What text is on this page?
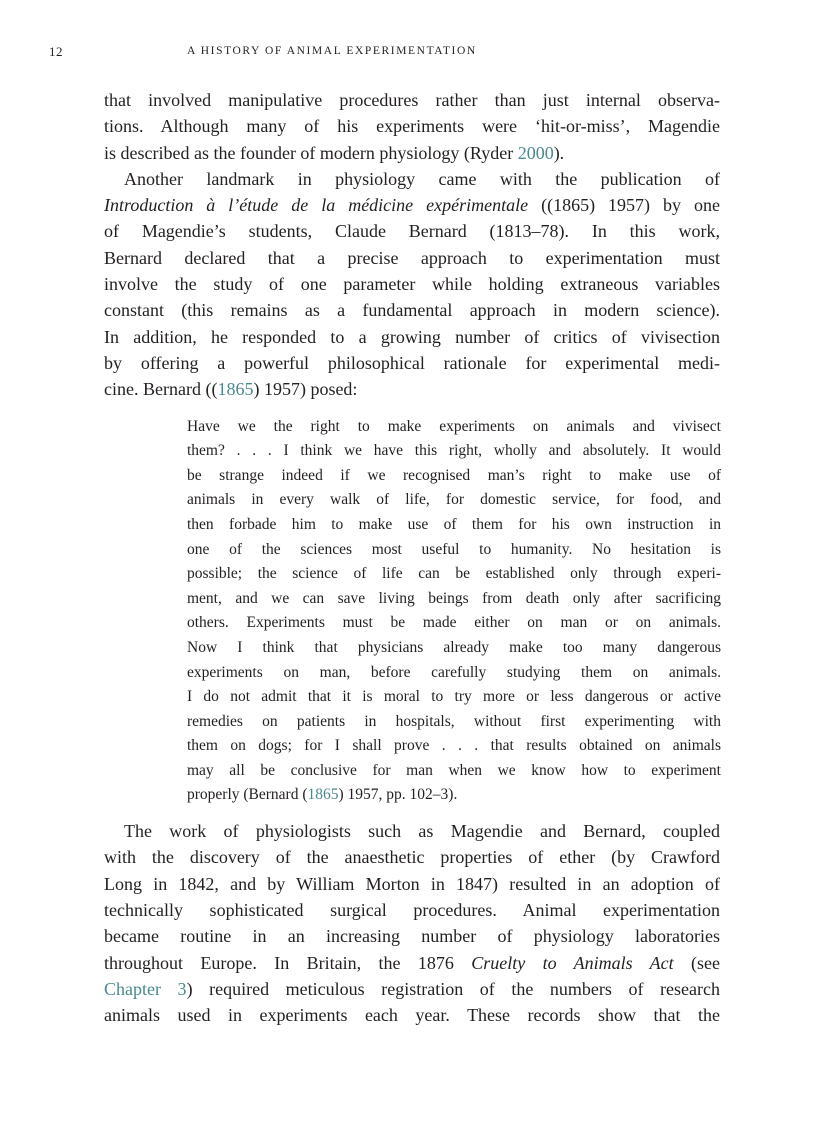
12	A HISTORY OF ANIMAL EXPERIMENTATION

that involved manipulative procedures rather than just internal observa-
tions. Although many of his experiments were ‘hit-or-miss’, Magendie
is described as the founder of modern physiology (Ryder 2000).

Another landmark in physiology came with the publication of
Introduction à l’étude de la médicine expérimentale ((1865) 1957) by one
of Magendie’s students, Claude Bernard (1813–78). In this work,
Bernard declared that a precise approach to experimentation must
involve the study of one parameter while holding extraneous variables
constant (this remains as a fundamental approach in modern science).
In addition, he responded to a growing number of critics of vivisection
by offering a powerful philosophical rationale for experimental medi-
cine. Bernard ((1865) 1957) posed:

Have we the right to make experiments on animals and vivisect
them? . . . I think we have this right, wholly and absolutely. It would
be strange indeed if we recognised man’s right to make use of
animals in every walk of life, for domestic service, for food, and
then forbade him to make use of them for his own instruction in
one of the sciences most useful to humanity. No hesitation is
possible; the science of life can be established only through experi-
ment, and we can save living beings from death only after sacrificing
others. Experiments must be made either on man or on animals.
Now I think that physicians already make too many dangerous
experiments on man, before carefully studying them on animals.
I do not admit that it is moral to try more or less dangerous or active
remedies on patients in hospitals, without first experimenting with
them on dogs; for I shall prove . . . that results obtained on animals
may all be conclusive for man when we know how to experiment
properly (Bernard (1865) 1957, pp. 102–3).

The work of physiologists such as Magendie and Bernard, coupled
with the discovery of the anaesthetic properties of ether (by Crawford
Long in 1842, and by William Morton in 1847) resulted in an adoption of
technically sophisticated surgical procedures. Animal experimentation
became routine in an increasing number of physiology laboratories
throughout Europe. In Britain, the 1876 Cruelty to Animals Act (see
Chapter 3) required meticulous registration of the numbers of research
animals used in experiments each year. These records show that the
